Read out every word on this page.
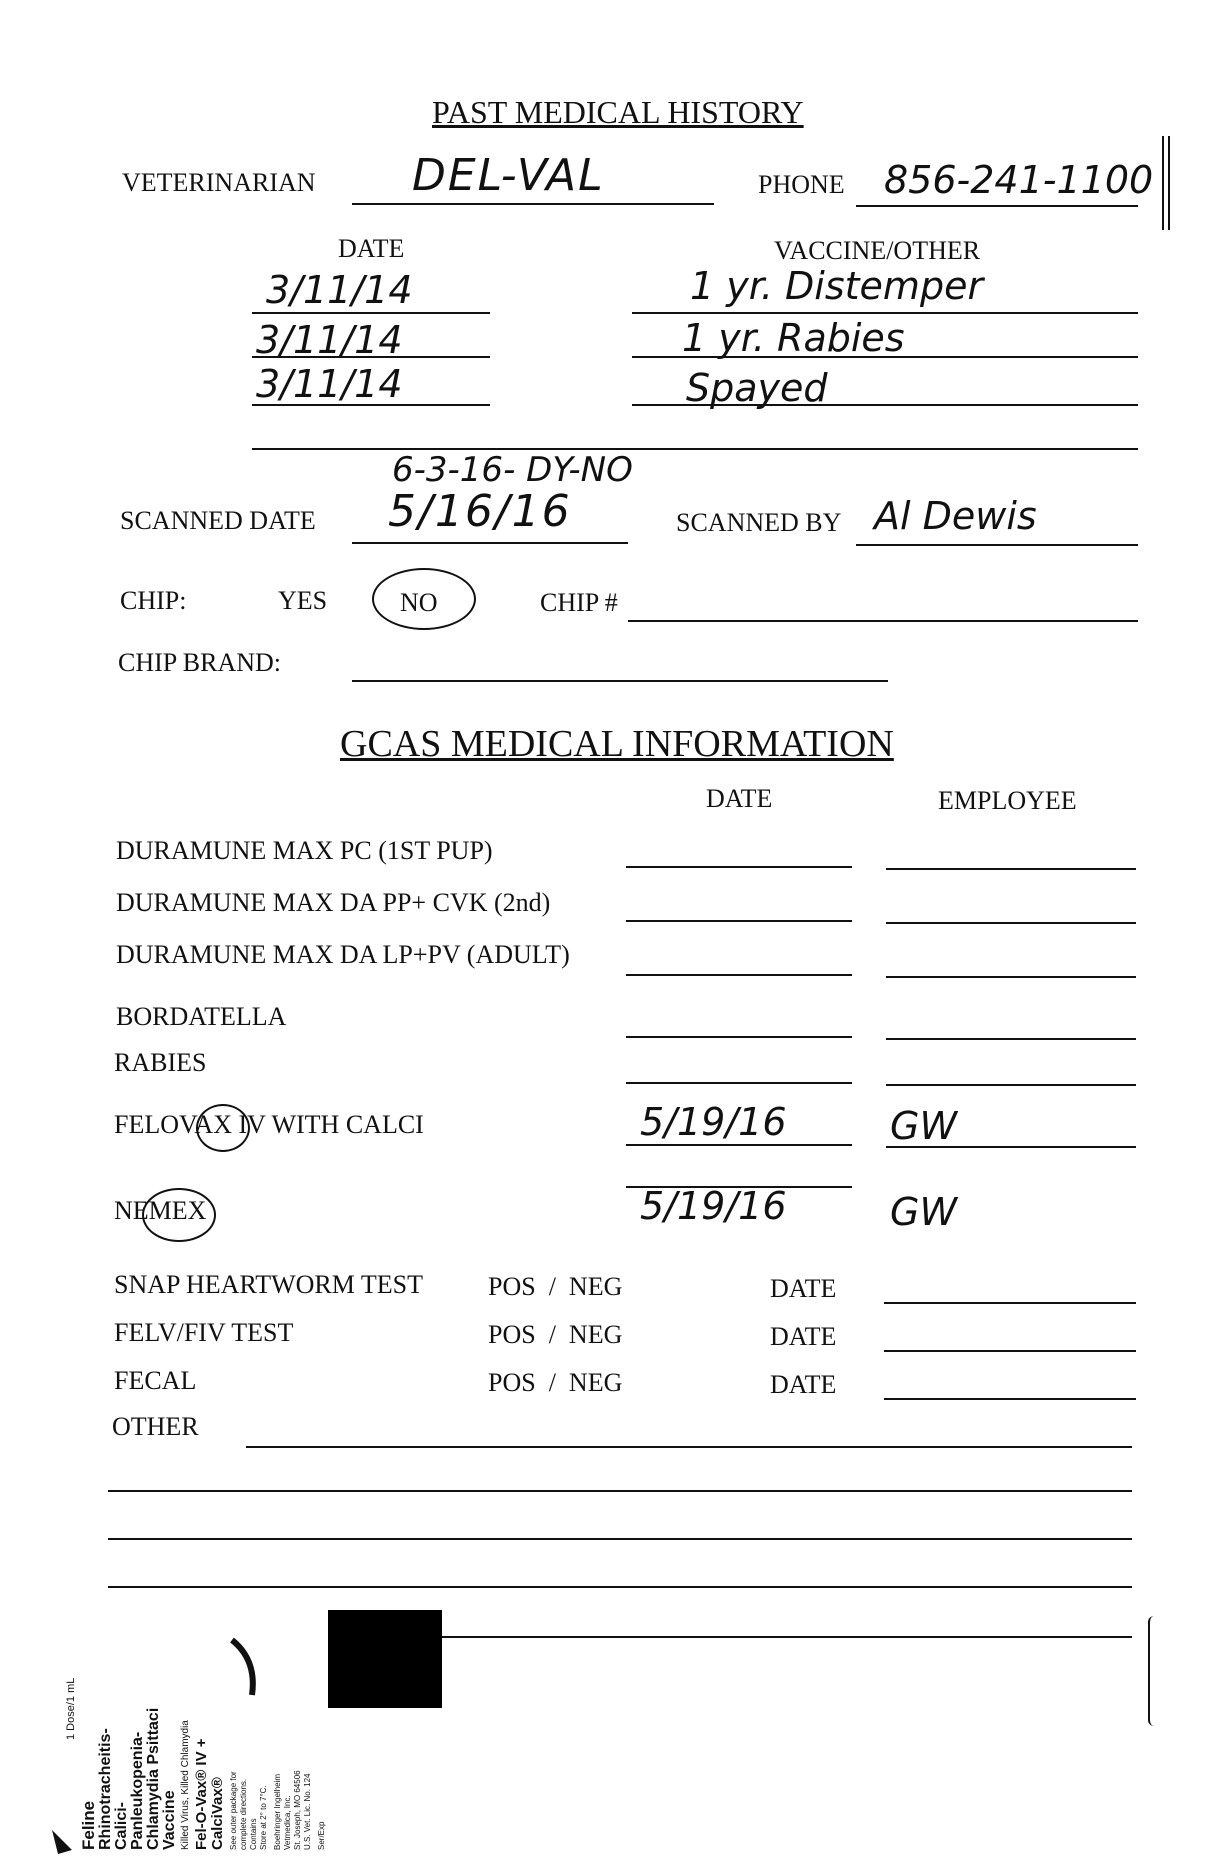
PAST MEDICAL HISTORY
VETERINARIAN DEL-VAL	PHONE 856-241-1100
DATE	VACCINE/OTHER
3/11/14	1 yr. Distemper
3/11/14	1 yr. Rabies
3/11/14	Spayed
6-3-16- DY-NO
SCANNED DATE 5/16/16	SCANNED BY Al Dewis
CHIP:	YES	NO	CHIP #
CHIP BRAND:
GCAS MEDICAL INFORMATION
DATE	EMPLOYEE
DURAMUNE MAX PC (1ST PUP)
DURAMUNE MAX DA PP+ CVK (2nd)
DURAMUNE MAX DA LP+PV (ADULT)
BORDATELLA
RABIES
FELOVAX IV WITH CALCI	5/19/16	GW
NEMEX	5/19/16	GW
SNAP HEARTWORM TEST POS  /  NEG	DATE
FELV/FIV TEST	POS  /  NEG	DATE
FECAL	POS  /  NEG	DATE
OTHER
1 Dose/1 mL
Feline Rhinotracheitis- Calici- Panleukopenia- Chlamydia Psittaci Vaccine Killed Virus, Killed Chlamydia Fel-O-Vax® IV + CalciVax® See outer package for complete directions. Contains Store at 2° to 7°C. Boehringer Ingelheim Vetmedica, Inc. St. Joseph, MO 64506 U.S. Vet. Lic. No. 124 Ser/Exp
